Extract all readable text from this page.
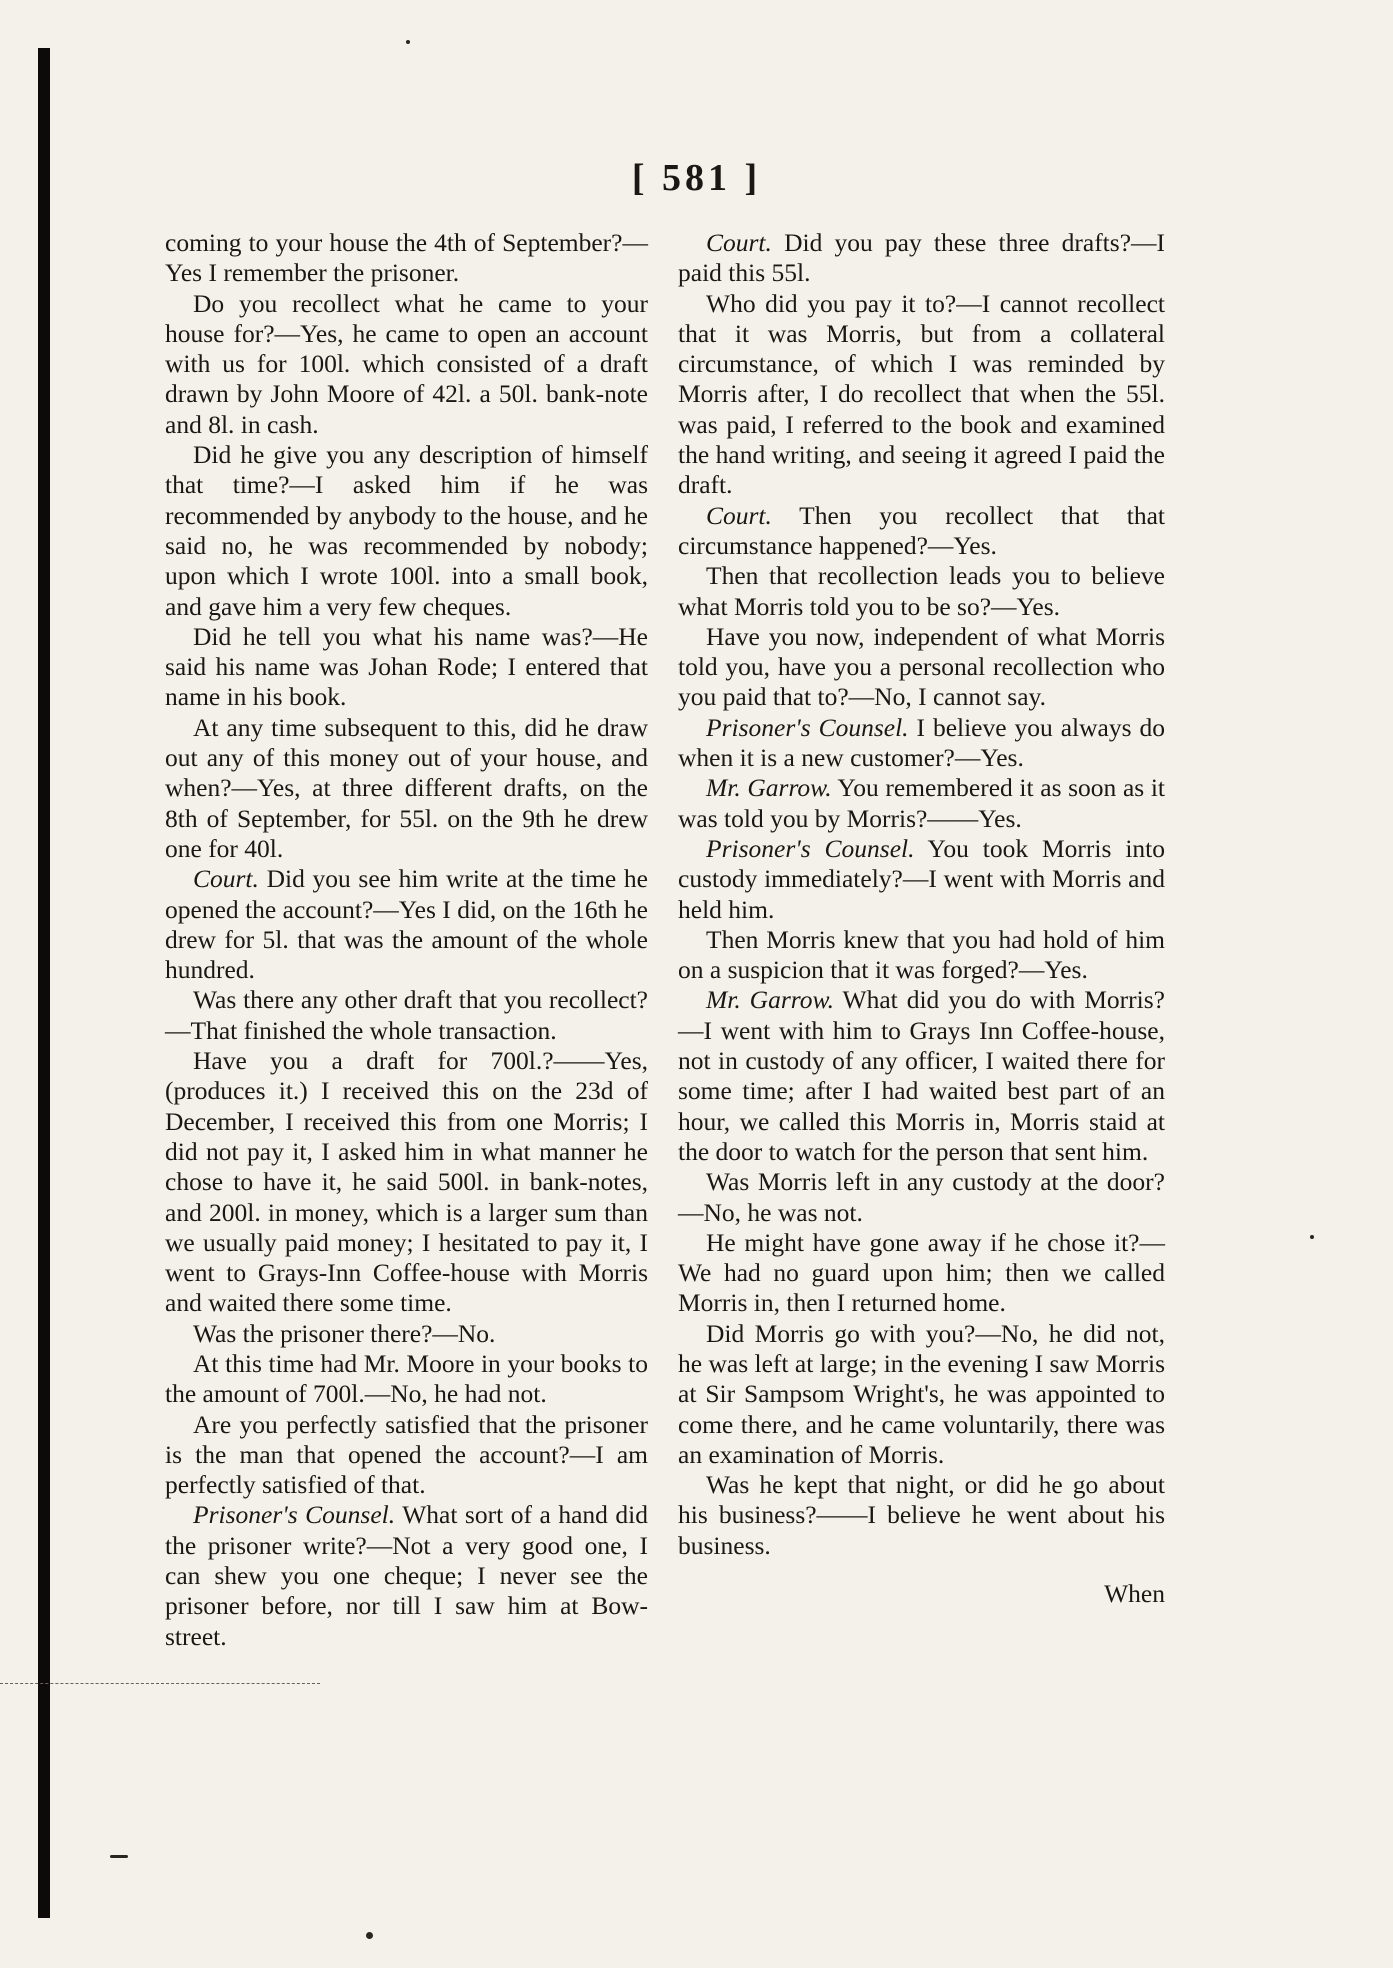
[ 581 ]

coming to your house the 4th of September?—Yes I remember the prisoner.

Do you recollect what he came to your house for?—Yes, he came to open an account with us for 100l. which consisted of a draft drawn by John Moore of 42l. a 50l. bank-note and 8l. in cash.

Did he give you any description of himself that time?—I asked him if he was recommended by anybody to the house, and he said no, he was recommended by nobody; upon which I wrote 100l. into a small book, and gave him a very few cheques.

Did he tell you what his name was?—He said his name was Johan Rode; I entered that name in his book.

At any time subsequent to this, did he draw out any of this money out of your house, and when?—Yes, at three different drafts, on the 8th of September, for 55l. on the 9th he drew one for 40l.

Court. Did you see him write at the time he opened the account?—Yes I did, on the 16th he drew for 5l. that was the amount of the whole hundred.

Was there any other draft that you recollect?—That finished the whole transaction.

Have you a draft for 700l.?——Yes, (produces it.) I received this on the 23d of December, I received this from one Morris; I did not pay it, I asked him in what manner he chose to have it, he said 500l. in bank-notes, and 200l. in money, which is a larger sum than we usually paid money; I hesitated to pay it, I went to Grays-Inn Coffee-house with Morris and waited there some time.

Was the prisoner there?—No.

At this time had Mr. Moore in your books to the amount of 700l.—No, he had not.

Are you perfectly satisfied that the prisoner is the man that opened the account?—I am perfectly satisfied of that.

Prisoner's Counsel. What sort of a hand did the prisoner write?—Not a very good one, I can shew you one cheque; I never see the prisoner before, nor till I saw him at Bow-street.

Court. Did you pay these three drafts?—I paid this 55l.

Who did you pay it to?—I cannot recollect that it was Morris, but from a collateral circumstance, of which I was reminded by Morris after, I do recollect that when the 55l. was paid, I referred to the book and examined the hand writing, and seeing it agreed I paid the draft.

Court. Then you recollect that that circumstance happened?—Yes.

Then that recollection leads you to believe what Morris told you to be so?—Yes.

Have you now, independent of what Morris told you, have you a personal recollection who you paid that to?—No, I cannot say.

Prisoner's Counsel. I believe you always do when it is a new customer?—Yes.

Mr. Garrow. You remembered it as soon as it was told you by Morris?——Yes.

Prisoner's Counsel. You took Morris into custody immediately?—I went with Morris and held him.

Then Morris knew that you had hold of him on a suspicion that it was forged?—Yes.

Mr. Garrow. What did you do with Morris?—I went with him to Grays Inn Coffee-house, not in custody of any officer, I waited there for some time; after I had waited best part of an hour, we called this Morris in, Morris staid at the door to watch for the person that sent him.

Was Morris left in any custody at the door?—No, he was not.

He might have gone away if he chose it?—We had no guard upon him; then we called Morris in, then I returned home.

Did Morris go with you?—No, he did not, he was left at large; in the evening I saw Morris at Sir Sampsom Wright's, he was appointed to come there, and he came voluntarily, there was an examination of Morris.

Was he kept that night, or did he go about his business?——I believe he went about his business.

When
